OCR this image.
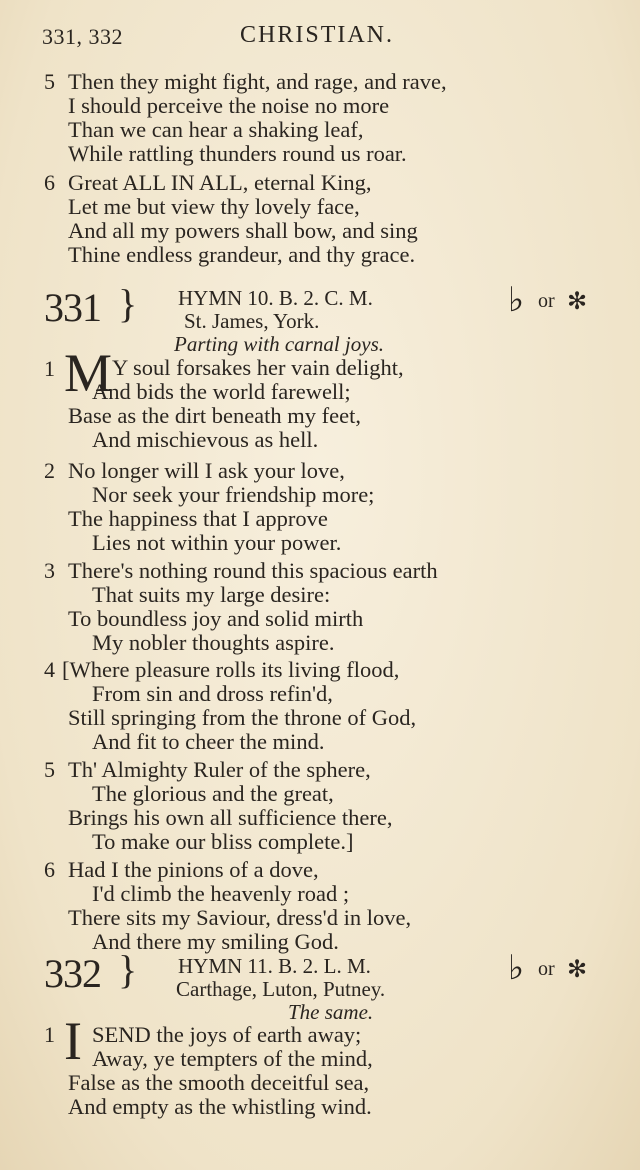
331, 332	CHRISTIAN.
5 Then they might fight, and rage, and rave,
I should perceive the noise no more
Than we can hear a shaking leaf,
While rattling thunders round us roar.
6 Great ALL IN ALL, eternal King,
Let me but view thy lovely face,
And all my powers shall bow, and sing
Thine endless grandeur, and thy grace.
331 } HYMN 10. B. 2. C. M.	♭ or ✻
St. James, York.
Parting with carnal joys.
1 M Y soul forsakes her vain delight,
And bids the world farewell;
Base as the dirt beneath my feet,
And mischievous as hell.
2 No longer will I ask your love,
Nor seek your friendship more;
The happiness that I approve
Lies not within your power.
3 There's nothing round this spacious earth
That suits my large desire:
To boundless joy and solid mirth
My nobler thoughts aspire.
4 [Where pleasure rolls its living flood,
From sin and dross refin'd,
Still springing from the throne of God,
And fit to cheer the mind.
5 Th' Almighty Ruler of the sphere,
The glorious and the great,
Brings his own all sufficience there,
To make our bliss complete.]
6 Had I the pinions of a dove,
I'd climb the heavenly road ;
There sits my Saviour, dress'd in love,
And there my smiling God.
332 } HYMN 11. B. 2. L. M.	♭ or ✻
Carthage, Luton, Putney.
The same.
1 I SEND the joys of earth away;
Away, ye tempters of the mind,
False as the smooth deceitful sea,
And empty as the whistling wind.
